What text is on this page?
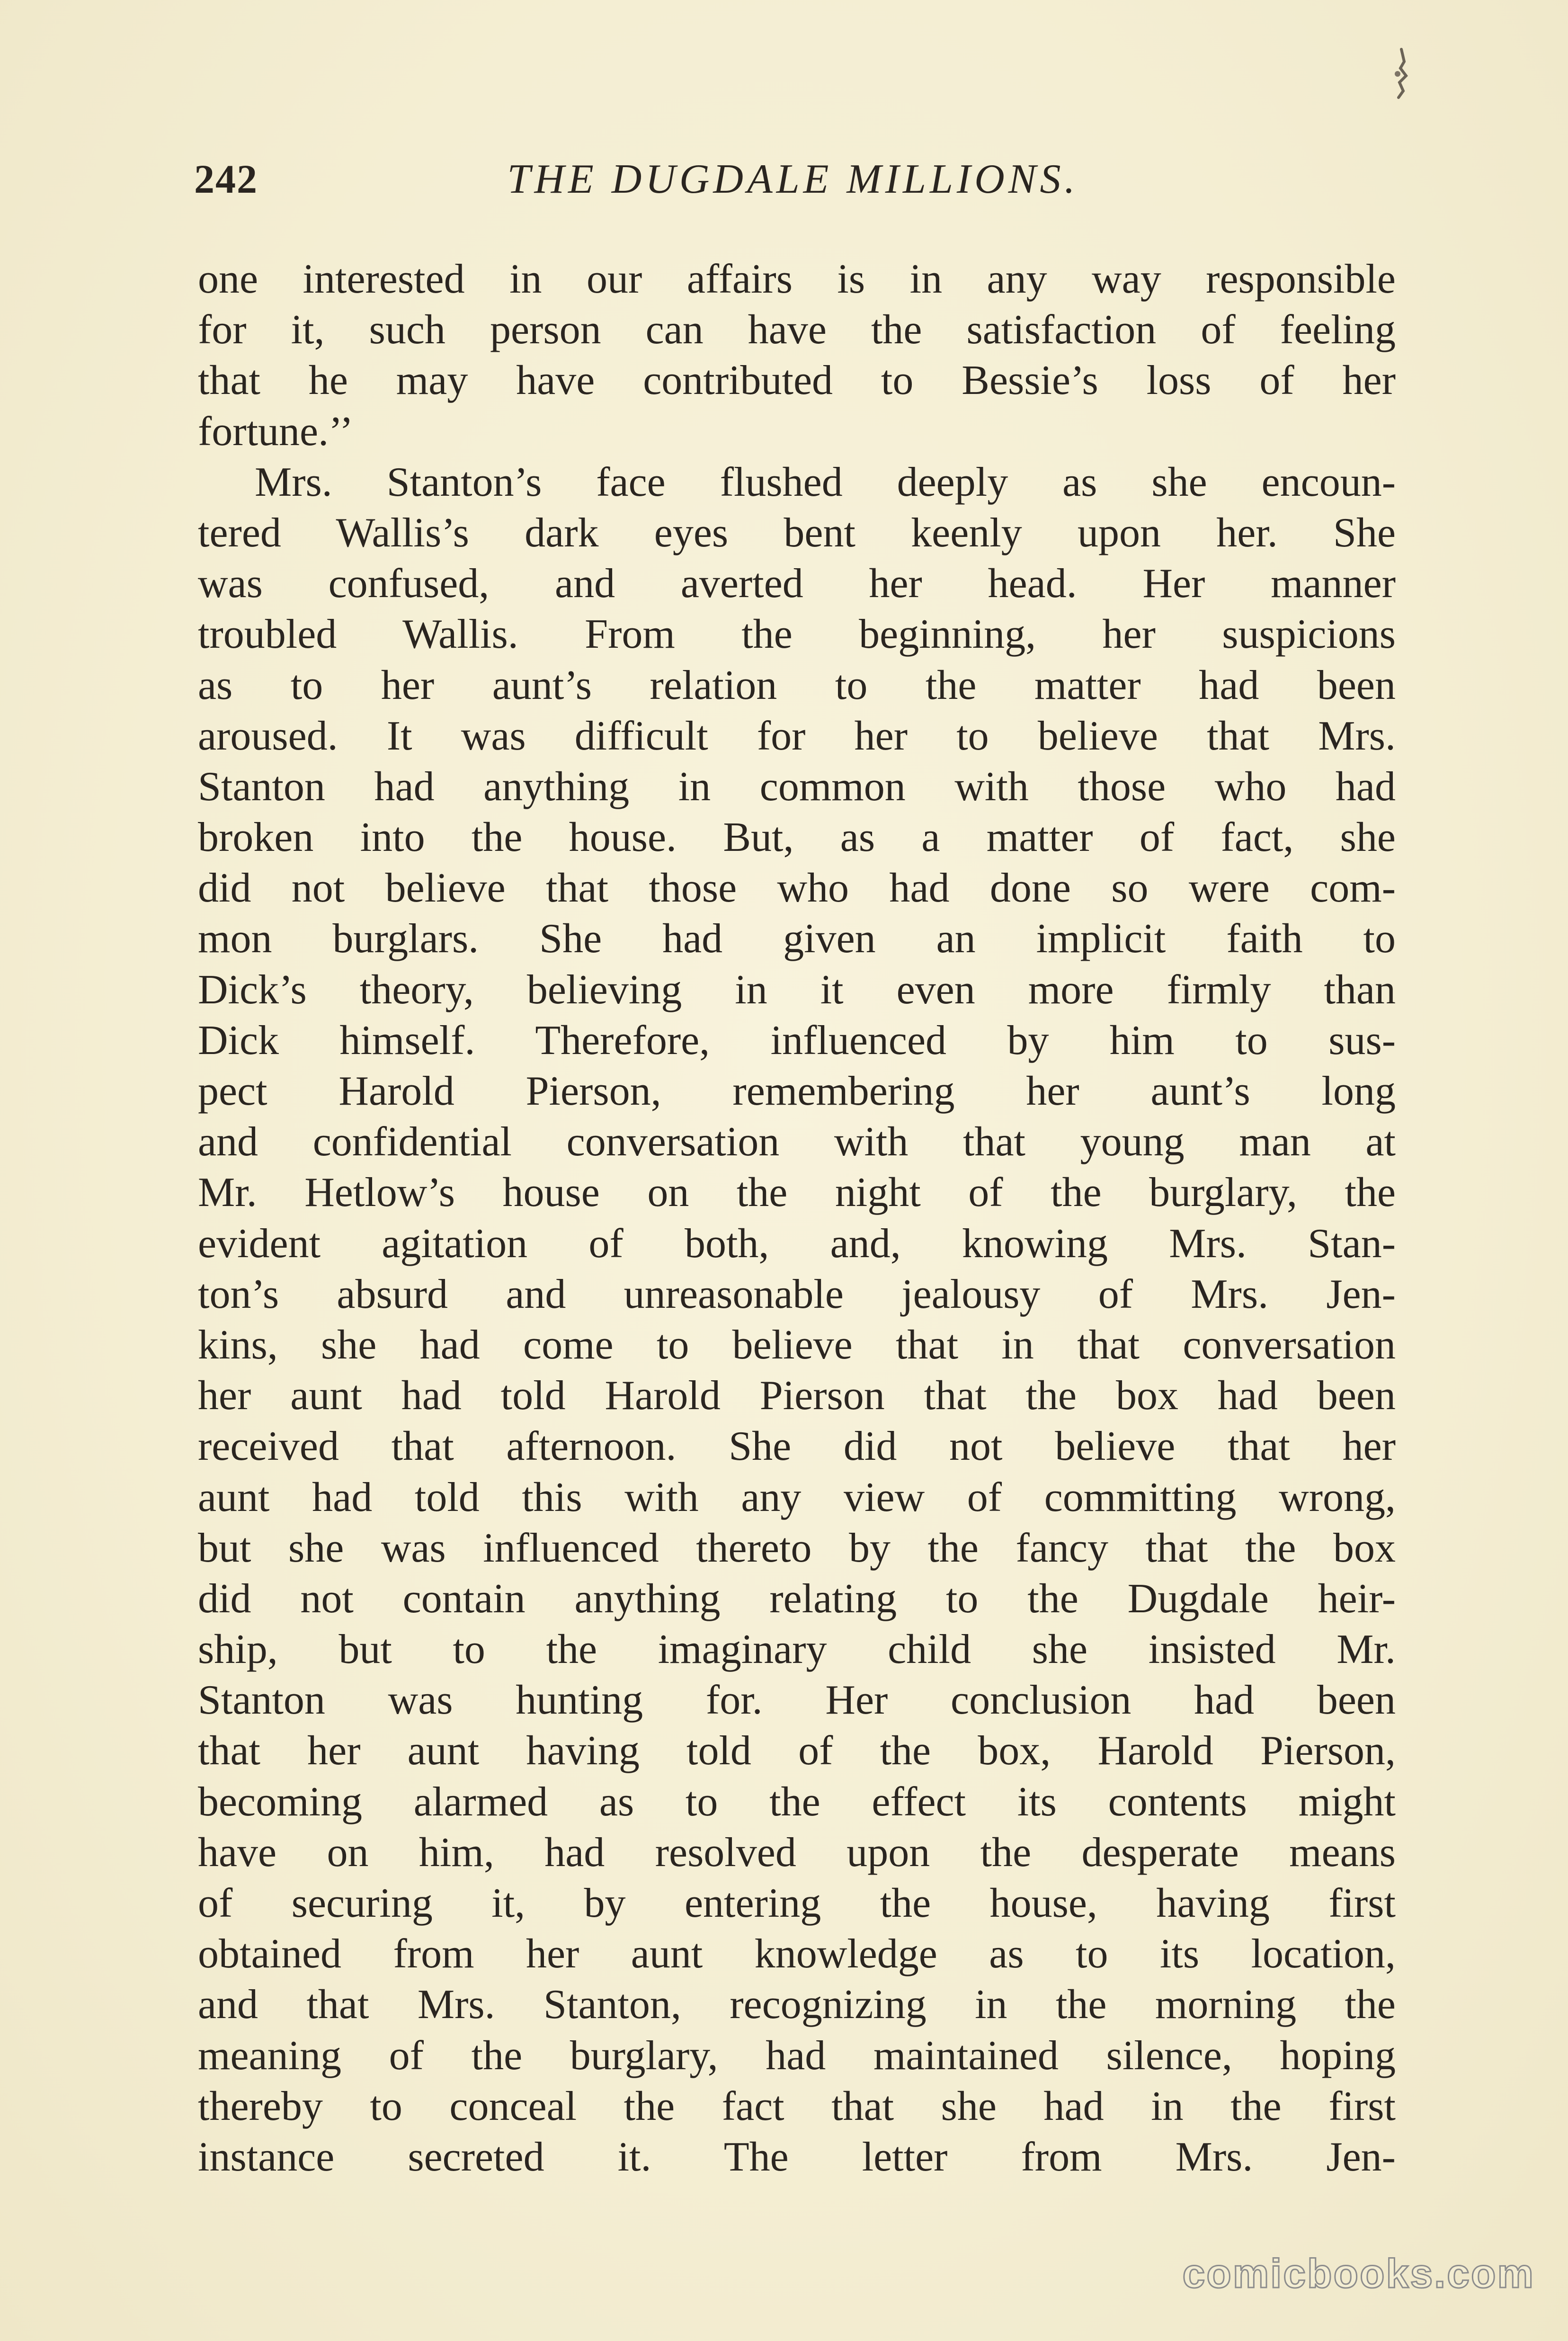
242	THE DUGDALE MILLIONS.
one interested in our affairs is in any way responsible
for it, such person can have the satisfaction of feeling
that he may have contributed to Bessie’s loss of her
fortune.’’
Mrs. Stanton’s face flushed deeply as she encoun-
tered Wallis’s dark eyes bent keenly upon her. She
was confused, and averted her head. Her manner
troubled Wallis. From the beginning, her suspicions
as to her aunt’s relation to the matter had been
aroused. It was difficult for her to believe that Mrs.
Stanton had anything in common with those who had
broken into the house. But, as a matter of fact, she
did not believe that those who had done so were com-
mon burglars. She had given an implicit faith to
Dick’s theory, believing in it even more firmly than
Dick himself. Therefore, influenced by him to sus-
pect Harold Pierson, remembering her aunt’s long
and confidential conversation with that young man at
Mr. Hetlow’s house on the night of the burglary, the
evident agitation of both, and, knowing Mrs. Stan-
ton’s absurd and unreasonable jealousy of Mrs. Jen-
kins, she had come to believe that in that conversation
her aunt had told Harold Pierson that the box had been
received that afternoon. She did not believe that her
aunt had told this with any view of committing wrong,
but she was influenced thereto by the fancy that the box
did not contain anything relating to the Dugdale heir-
ship, but to the imaginary child she insisted Mr.
Stanton was hunting for. Her conclusion had been
that her aunt having told of the box, Harold Pierson,
becoming alarmed as to the effect its contents might
have on him, had resolved upon the desperate means
of securing it, by entering the house, having first
obtained from her aunt knowledge as to its location,
and that Mrs. Stanton, recognizing in the morning the
meaning of the burglary, had maintained silence, hoping
thereby to conceal the fact that she had in the first
instance secreted it. The letter from Mrs. Jen-
comicbooks.com
